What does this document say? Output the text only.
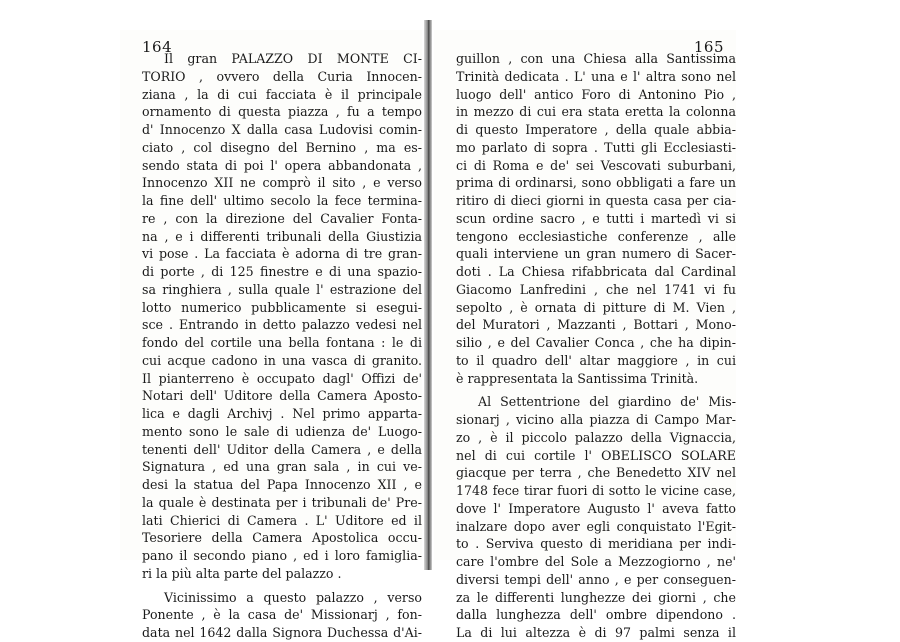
164
Il gran PALAZZO DI MONTE CI-
TORIO , ovvero della Curia Innocen-
ziana , la di cui facciata è il principale
ornamento di questa piazza , fu a tempo
d' Innocenzo X dalla casa Ludovisi comin-
ciato , col disegno del Bernino , ma es-
sendo stata di poi l' opera abbandonata ,
Innocenzo XII ne comprò il sito , e verso
la fine dell' ultimo secolo la fece termina-
re , con la direzione del Cavalier Fonta-
na , e i differenti tribunali della Giustizia
vi pose . La facciata è adorna di tre gran-
di porte , di 125 finestre e di una spazio-
sa ringhiera , sulla quale l' estrazione del
lotto numerico pubblicamente si esegui-
sce . Entrando in detto palazzo vedesi nel
fondo del cortile una bella fontana : le di
cui acque cadono in una vasca di granito.
Il pianterreno è occupato dagl' Offizi de'
Notari dell' Uditore della Camera Aposto-
lica e dagli Archivj . Nel primo apparta-
mento sono le sale di udienza de' Luogo-
tenenti dell' Uditor della Camera , e della
Signatura , ed una gran sala , in cui ve-
desi la statua del Papa Innocenzo XII , e
la quale è destinata per i tribunali de' Pre-
lati Chierici di Camera . L' Uditore ed il
Tesoriere della Camera Apostolica occu-
pano il secondo piano , ed i loro famiglia-
ri la più alta parte del palazzo .
Vicinissimo a questo palazzo , verso
Ponente , è la casa de' Missionarj , fon-
data nel 1642 dalla Signora Duchessa d'Ai-
165
guillon , con una Chiesa alla Santissima
Trinità dedicata . L' una e l' altra sono nel
luogo dell' antico Foro di Antonino Pio ,
in mezzo di cui era stata eretta la colonna
di questo Imperatore , della quale abbia-
mo parlato di sopra . Tutti gli Ecclesiasti-
ci di Roma e de' sei Vescovati suburbani,
prima di ordinarsi, sono obbligati a fare un
ritiro di dieci giorni in questa casa per cia-
scun ordine sacro , e tutti i martedì vi si
tengono ecclesiastiche conferenze , alle
quali interviene un gran numero di Sacer-
doti . La Chiesa rifabbricata dal Cardinal
Giacomo Lanfredini , che nel 1741 vi fu
sepolto , è ornata di pitture di M. Vien ,
del Muratori , Mazzanti , Bottari , Mono-
silio , e del Cavalier Conca , che ha dipin-
to il quadro dell' altar maggiore , in cui
è rappresentata la Santissima Trinità.
Al Settentrione del giardino de' Mis-
sionarj , vicino alla piazza di Campo Mar-
zo , è il piccolo palazzo della Vignaccia,
nel di cui cortile l' OBELISCO SOLARE
giacque per terra , che Benedetto XIV nel
1748 fece tirar fuori di sotto le vicine case,
dove l' Imperatore Augusto l' aveva fatto
inalzare dopo aver egli conquistato l'Egit-
to . Serviva questo di meridiana per indi-
care l'ombre del Sole a Mezzogiorno , ne'
diversi tempi dell' anno , e per conseguen-
za le differenti lunghezze dei giorni , che
dalla lunghezza dell' ombre dipendono .
La di lui altezza è di 97 palmi senza il
